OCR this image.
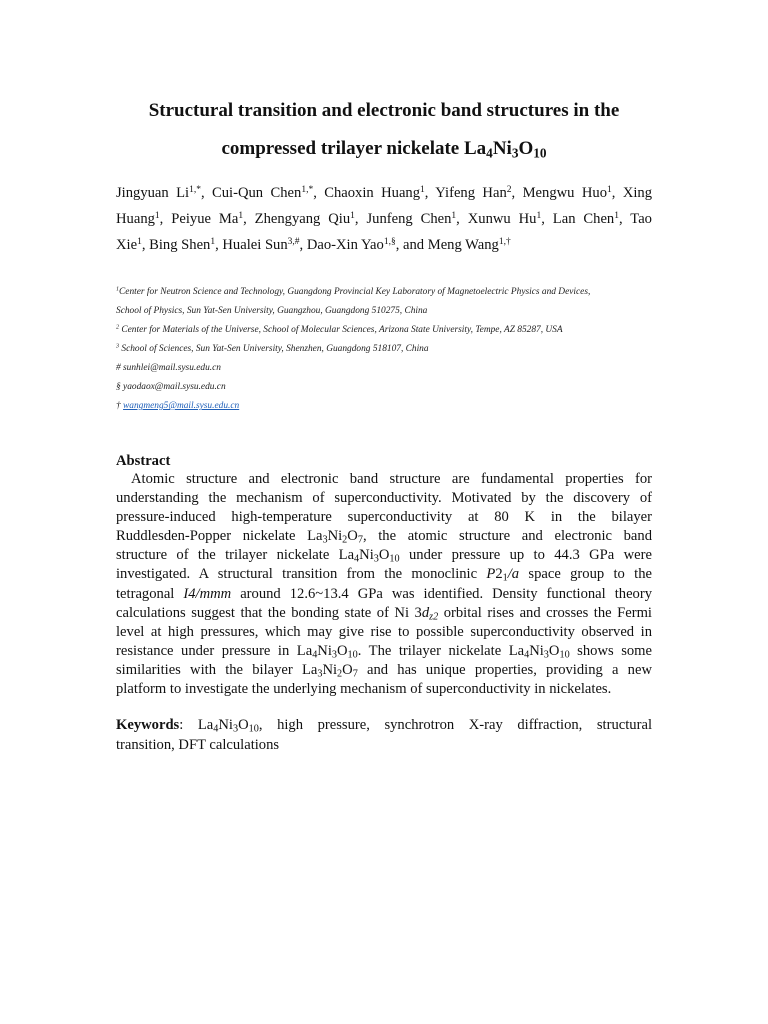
Structural transition and electronic band structures in the
compressed trilayer nickelate $La_4Ni_3O_{10}$
Jingyuan $Li^{1,*}$, Cui-Qun Chen$^{1,*}$, Chaoxin Huang$^1$, Yifeng Han$^2$, Mengwu Huo$^1$, Xing
Huang$^1$, Peiyue Ma$^1$, Zhengyang Qiu$^1$, Junfeng Chen$^1$, Xunwu Hu$^1$, Lan Chen$^1$, Tao
Xie$^1$, Bing Shen$^1$, Hualei Sun$^{3,\#}$, Dao-Xin Yao$^{1,\S}$, and Meng Wang$^{1,\dagger}$
$^1$Center for Neutron Science and Technology, Guangdong Provincial Key Laboratory of Magnetoelectric Physics and Devices,
School of Physics, Sun Yat-Sen University, Guangzhou, Guangdong 510275, China
$^2$ Center for Materials of the Universe, School of Molecular Sciences, Arizona State University, Tempe, AZ 85287, USA
$^3$ School of Sciences, Sun Yat-Sen University, Shenzhen, Guangdong 518107, China
# sunhlei@mail.sysu.edu.cn
§ yaodaox@mail.sysu.edu.cn
† wangmeng5@mail.sysu.edu.cn
Abstract
Atomic structure and electronic band structure are fundamental properties for
understanding the mechanism of superconductivity. Motivated by the discovery of
pressure-induced high-temperature superconductivity at 80 K in the bilayer
Ruddlesden-Popper nickelate $La_3Ni_2O_7$, the atomic structure and electronic band
structure of the trilayer nickelate $La_4Ni_3O_{10}$ under pressure up to 44.3 GPa were
investigated. A structural transition from the monoclinic $P2_1/a$ space group to the
tetragonal I4/mmm around 12.6~13.4 GPa was identified. Density functional theory
calculations suggest that the bonding state of Ni $3d_{z2}$ orbital rises and crosses the Fermi
level at high pressures, which may give rise to possible superconductivity observed in
resistance under pressure in $La_4Ni_3O_{10}$. The trilayer nickelate $La_4Ni_3O_{10}$ shows some
similarities with the bilayer $La_3Ni_2O_7$ and has unique properties, providing a new
platform to investigate the underlying mechanism of superconductivity in nickelates.
Keywords: $La_4Ni_3O_{10}$, high pressure, synchrotron X-ray diffraction, structural
transition, DFT calculations
